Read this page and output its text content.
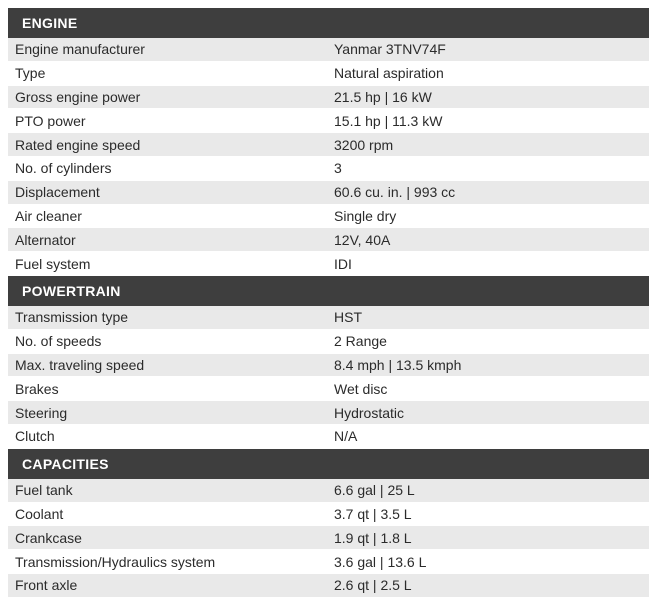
ENGINE
Engine manufacturer	Yanmar 3TNV74F
Type	Natural aspiration
Gross engine power	21.5 hp | 16 kW
PTO power	15.1 hp | 11.3 kW
Rated engine speed	3200 rpm
No. of cylinders	3
Displacement	60.6 cu. in. | 993 cc
Air cleaner	Single dry
Alternator	12V, 40A
Fuel system	IDI
POWERTRAIN
Transmission type	HST
No. of speeds	2 Range
Max. traveling speed	8.4 mph | 13.5 kmph
Brakes	Wet disc
Steering	Hydrostatic
Clutch	N/A
CAPACITIES
Fuel tank	6.6 gal | 25 L
Coolant	3.7 qt | 3.5 L
Crankcase	1.9 qt | 1.8 L
Transmission/Hydraulics system	3.6 gal | 13.6 L
Front axle	2.6 qt | 2.5 L
